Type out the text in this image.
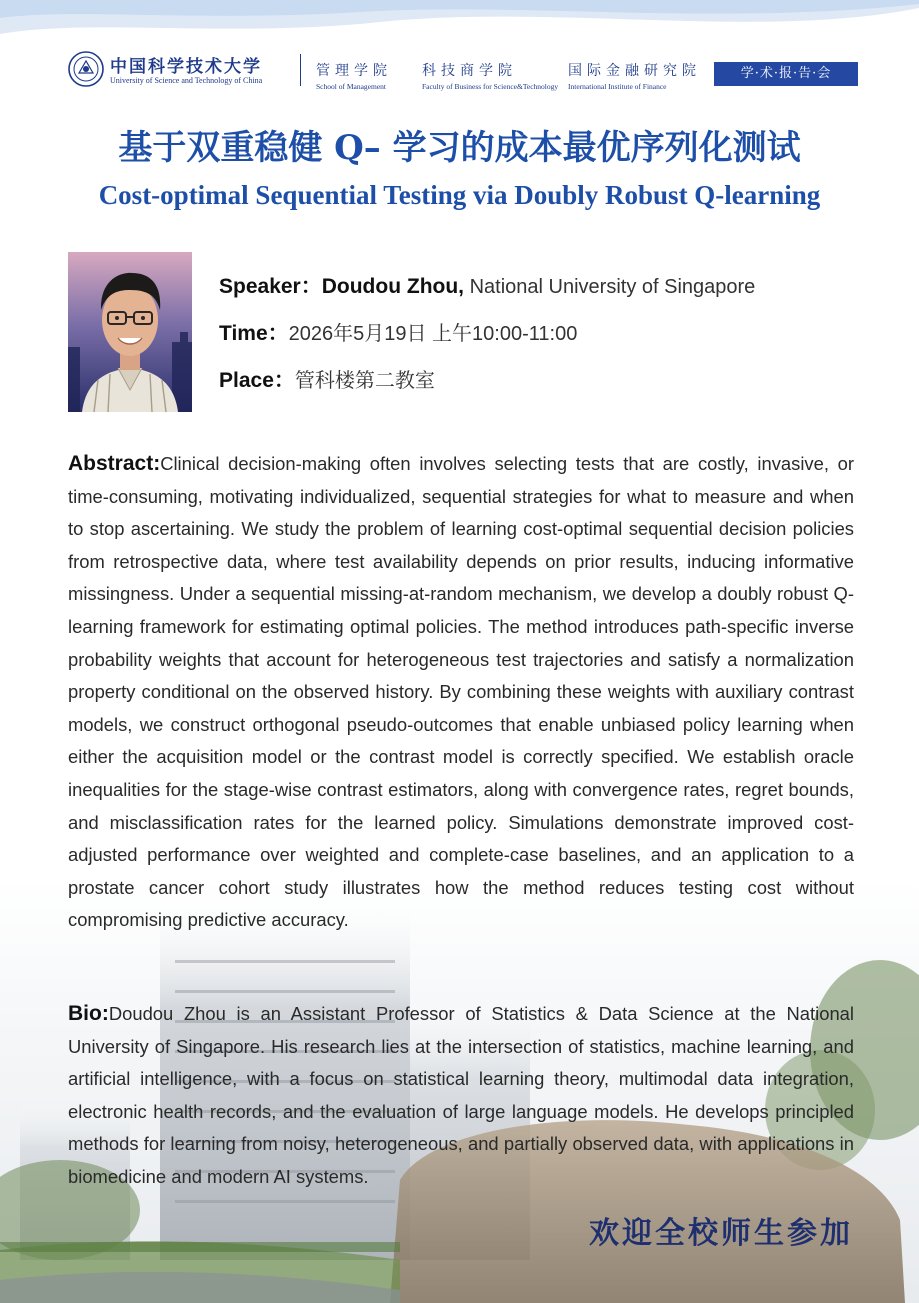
中国科学技术大学
University of Science and Technology of China
管理学院
School of Management
科技商学院
Faculty of Business for Science&Technology
国际金融研究院
International Institute of Finance
学·术·报·告·会
基于双重稳健 Q– 学习的成本最优序列化测试
Cost-optimal Sequential Testing via Doubly Robust Q-learning
Speaker：Doudou Zhou, National University of Singapore
Time：2026年5月19日 上午10:00-11:00
Place：管科楼第二教室
Abstract:Clinical decision-making often involves selecting tests that are costly, invasive, or time-consuming, motivating individualized, sequential strategies for what to measure and when to stop ascertaining. We study the problem of learning cost-optimal sequential decision policies from retrospective data, where test availability depends on prior results, inducing informative missingness. Under a sequential missing-at-random mechanism, we develop a doubly robust Q-learning framework for estimating optimal policies. The method introduces path-specific inverse probability weights that account for heterogeneous test trajectories and satisfy a normalization property conditional on the observed history. By combining these weights with auxiliary contrast models, we construct orthogonal pseudo-outcomes that enable unbiased policy learning when either the acquisition model or the contrast model is correctly specified. We establish oracle inequalities for the stage-wise contrast estimators, along with convergence rates, regret bounds, and misclassification rates for the learned policy. Simulations demonstrate improved cost-adjusted performance over weighted and complete-case baselines, and an application to a prostate cancer cohort study illustrates how the method reduces testing cost without compromising predictive accuracy.
Bio:Doudou Zhou is an Assistant Professor of Statistics & Data Science at the National University of Singapore. His research lies at the intersection of statistics, machine learning, and artificial intelligence, with a focus on statistical learning theory, multimodal data integration, electronic health records, and the evaluation of large language models. He develops principled methods for learning from noisy, heterogeneous, and partially observed data, with applications in biomedicine and modern AI systems.
欢迎全校师生参加
